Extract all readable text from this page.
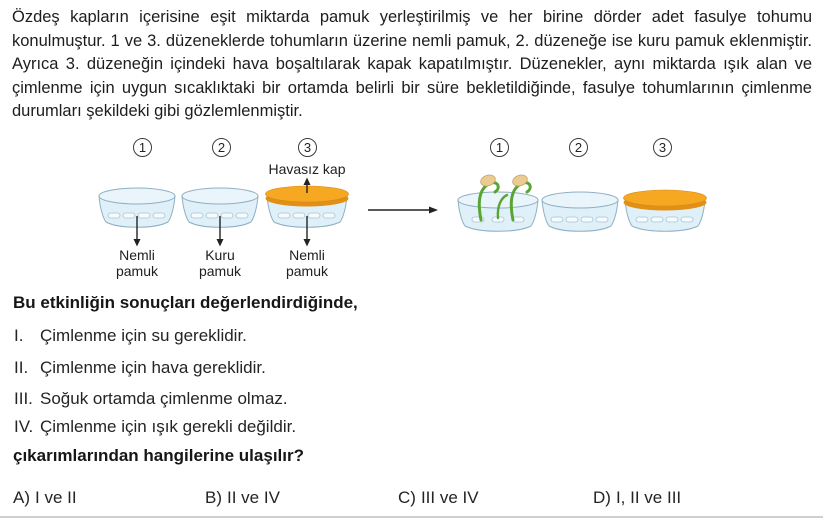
Özdeş kapların içerisine eşit miktarda pamuk yerleştirilmiş ve her birine dörder adet fasulye tohumu konulmuştur. 1 ve 3. düzeneklerde tohumların üzerine nemli pamuk, 2. düzeneğe ise kuru pamuk eklenmiştir. Ayrıca 3. düzeneğin içindeki hava boşaltılarak kapak kapatılmıştır. Düzenekler, aynı miktarda ışık alan ve çimlenme için uygun sıcaklıktaki bir ortamda belirli bir süre bekletildiğinde, fasulye tohumlarının çimlenme durumları şekildeki gibi gözlemlenmiştir.

1	2	3	1	2	3
Havasız kap
Nemli pamuk
Kuru pamuk
Nemli pamuk

Bu etkinliğin sonuçları değerlendirdiğinde,

I. Çimlenme için su gereklidir.
II. Çimlenme için hava gereklidir.
III. Soğuk ortamda çimlenme olmaz.
IV. Çimlenme için ışık gerekli değildir.

çıkarımlarından hangilerine ulaşılır?

A) I ve II	B) II ve IV	C) III ve IV	D) I, II ve III
